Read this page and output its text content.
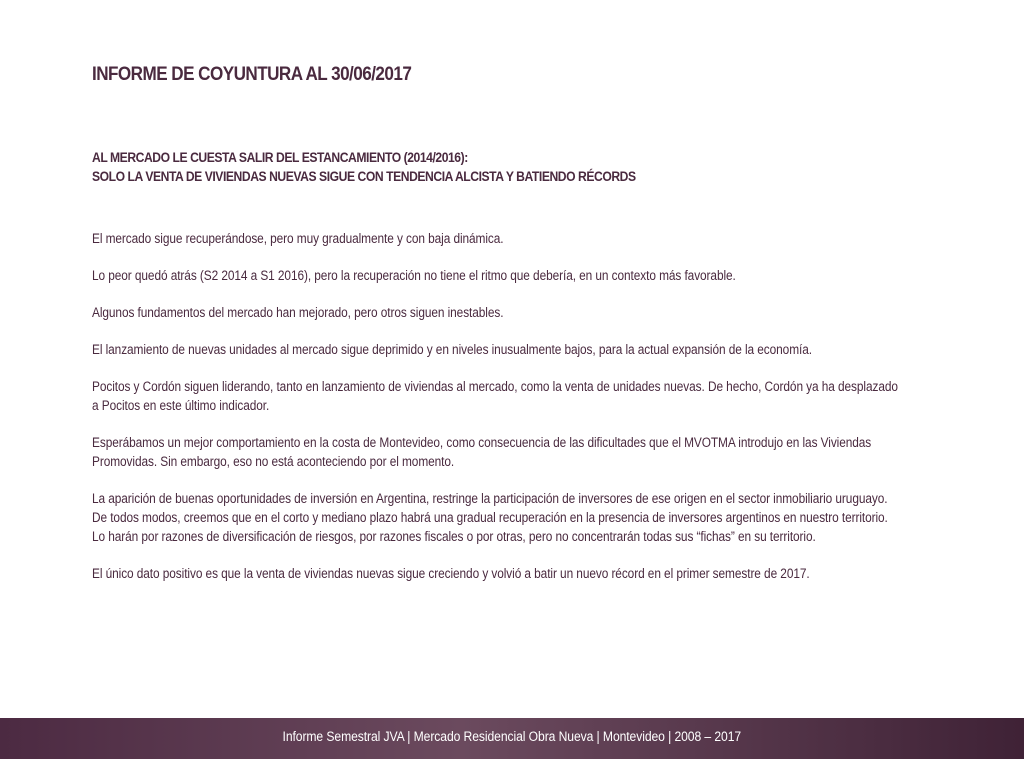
INFORME DE COYUNTURA AL 30/06/2017
AL MERCADO LE CUESTA SALIR DEL ESTANCAMIENTO (2014/2016):
SOLO LA VENTA DE VIVIENDAS NUEVAS SIGUE CON TENDENCIA ALCISTA Y BATIENDO RÉCORDS
El mercado sigue recuperándose, pero muy gradualmente y con baja dinámica.
Lo peor quedó atrás (S2 2014 a S1 2016), pero la recuperación no tiene el ritmo que debería, en un contexto más favorable.
Algunos fundamentos del mercado han mejorado, pero otros siguen inestables.
El lanzamiento de nuevas unidades al mercado sigue deprimido y en niveles inusualmente bajos, para la actual expansión de la economía.
Pocitos y Cordón siguen liderando, tanto en lanzamiento de viviendas al mercado, como la venta de unidades nuevas. De hecho, Cordón ya ha desplazado a Pocitos en este último indicador.
Esperábamos un mejor comportamiento en la costa de Montevideo, como consecuencia de las dificultades que el MVOTMA introdujo en las Viviendas Promovidas. Sin embargo, eso no está aconteciendo por el momento.
La aparición de buenas oportunidades de inversión en Argentina, restringe la participación de inversores de ese origen en el sector inmobiliario uruguayo. De todos modos, creemos que en el corto y mediano plazo habrá una gradual recuperación en la presencia de inversores argentinos en nuestro territorio. Lo harán por razones de diversificación de riesgos, por razones fiscales o por otras, pero no concentrarán todas sus “fichas” en su territorio.
El único dato positivo es que la venta de viviendas nuevas sigue creciendo y volvió a batir un nuevo récord en el primer semestre de 2017.
Informe Semestral JVA | Mercado Residencial Obra Nueva | Montevideo | 2008 – 2017
